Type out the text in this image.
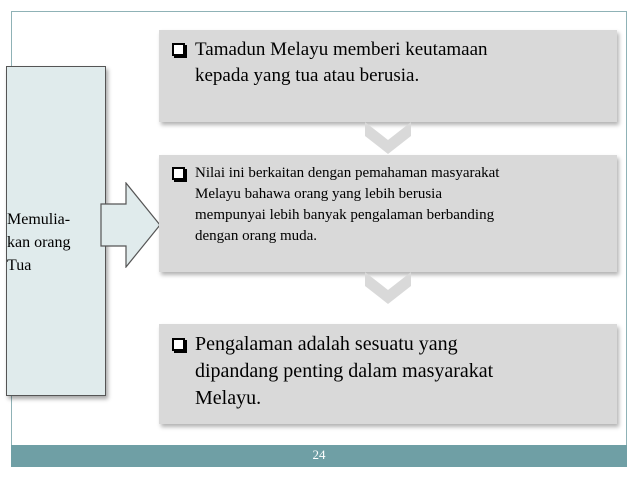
Memulia-
kan orang
Tua
Tamadun Melayu memberi keutamaan
kepada yang tua atau berusia.
Nilai ini berkaitan dengan pemahaman masyarakat
Melayu bahawa orang yang lebih berusia
mempunyai lebih banyak pengalaman berbanding
dengan orang muda.
Pengalaman adalah sesuatu yang
dipandang penting dalam masyarakat
Melayu.
24
